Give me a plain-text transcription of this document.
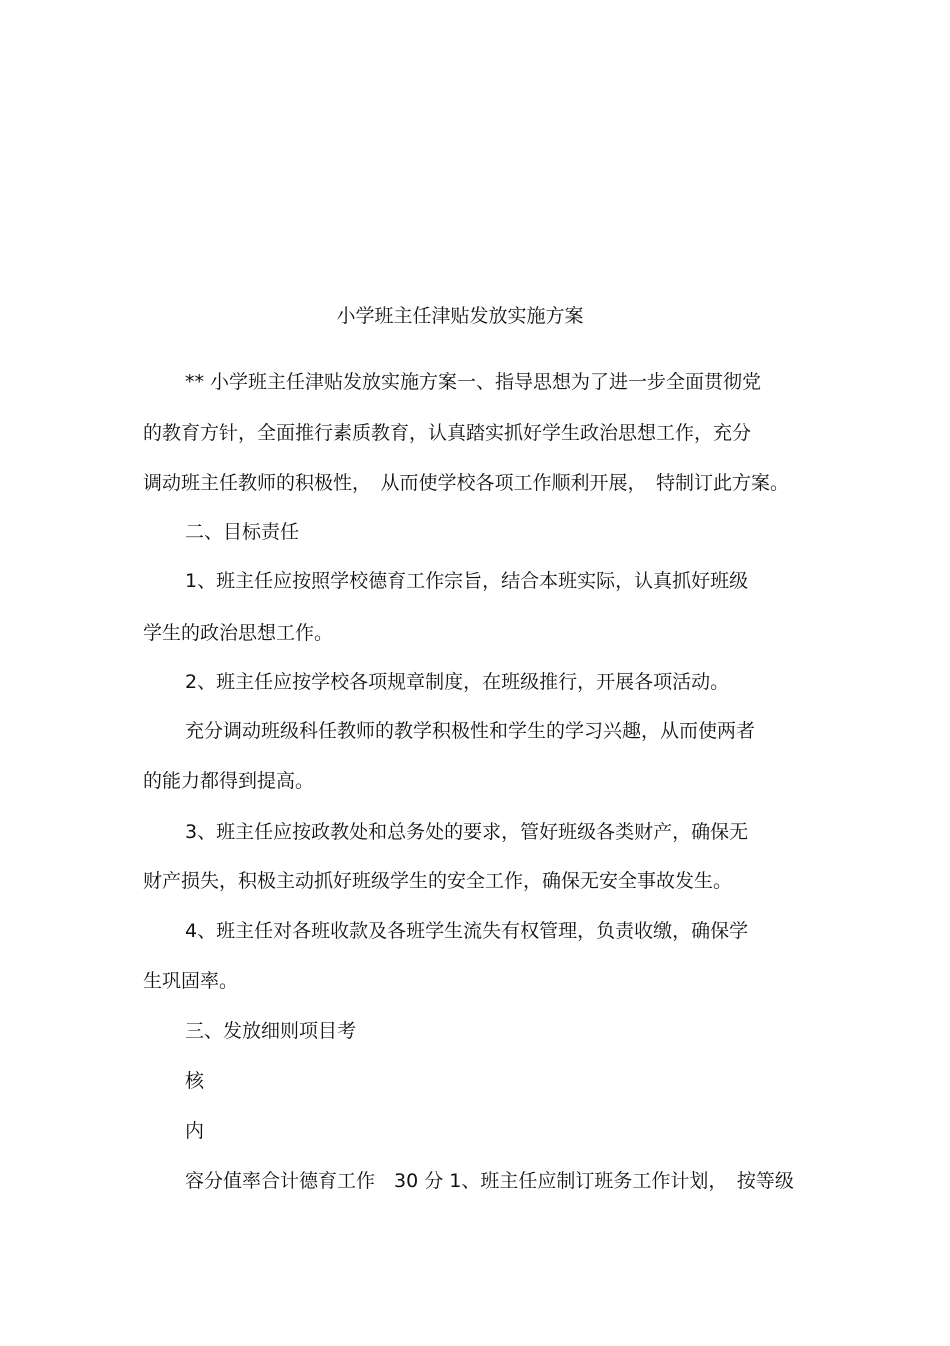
小学班主任津贴发放实施方案
** 小学班主任津贴发放实施方案一、指导思想为了进一步全面贯彻党
的教育方针，全面推行素质教育，认真踏实抓好学生政治思想工作，充分
调动班主任教师的积极性，　从而使学校各项工作顺利开展，　特制订此方案。
二、目标责任
1、班主任应按照学校德育工作宗旨，结合本班实际，认真抓好班级
学生的政治思想工作。
2、班主任应按学校各项规章制度，在班级推行，开展各项活动。
充分调动班级科任教师的教学积极性和学生的学习兴趣，从而使两者
的能力都得到提高。
3、班主任应按政教处和总务处的要求，管好班级各类财产，确保无
财产损失，积极主动抓好班级学生的安全工作，确保无安全事故发生。
4、班主任对各班收款及各班学生流失有权管理，负责收缴，确保学
生巩固率。
三、发放细则项目考
核
内
容分值率合计德育工作　30 分 1、班主任应制订班务工作计划，　按等级
